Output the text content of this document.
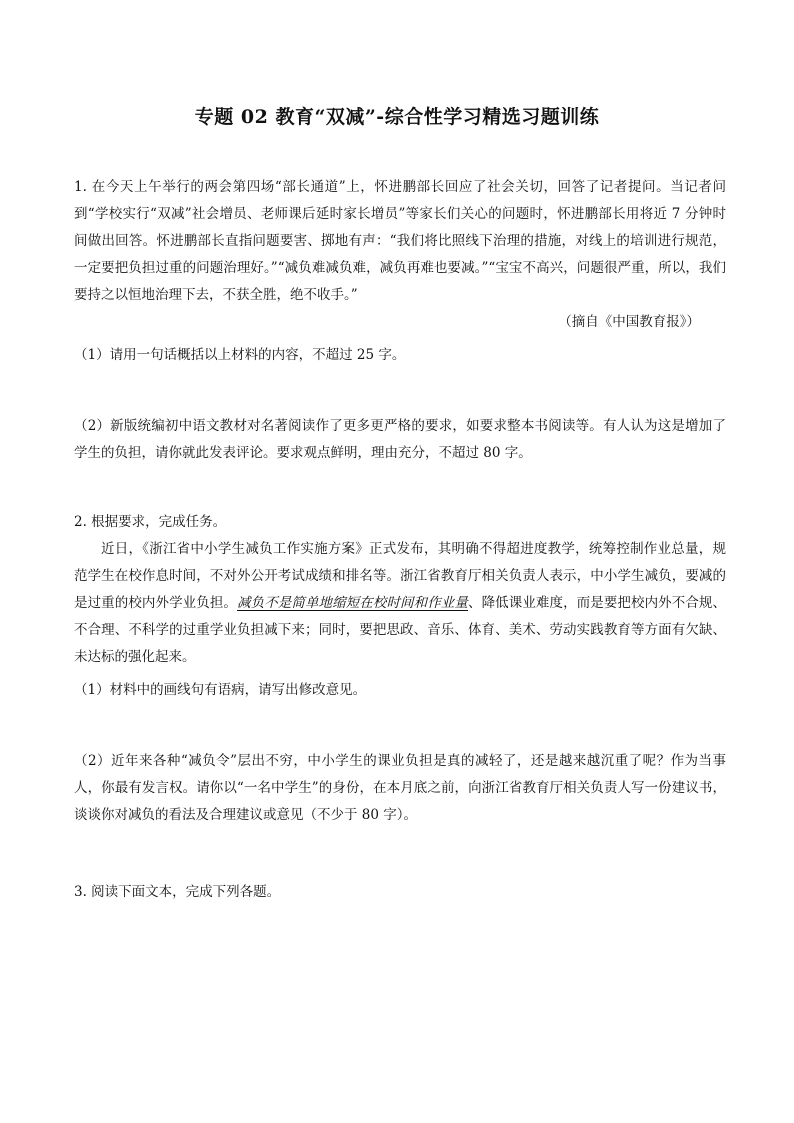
专题 02 教育“双减”-综合性学习精选习题训练

1. 在今天上午举行的两会第四场“部长通道”上，怀进鹏部长回应了社会关切，回答了记者提问。当记者问到“学校实行“双减”社会增员、老师课后延时家长增员”等家长们关心的问题时，怀进鹏部长用将近 7 分钟时间做出回答。怀进鹏部长直指问题要害、掷地有声：“我们将比照线下治理的措施，对线上的培训进行规范，一定要把负担过重的问题治理好。”“减负难减负难，减负再难也要减。”“宝宝不高兴，问题很严重，所以，我们要持之以恒地治理下去，不获全胜，绝不收手。”

（摘自《中国教育报》）

（1）请用一句话概括以上材料的内容，不超过 25 字。

（2）新版统编初中语文教材对名著阅读作了更多更严格的要求，如要求整本书阅读等。有人认为这是增加了学生的负担，请你就此发表评论。要求观点鲜明，理由充分，不超过 80 字。

2. 根据要求，完成任务。

近日，《浙江省中小学生减负工作实施方案》正式发布，其明确不得超进度教学，统筹控制作业总量，规范学生在校作息时间，不对外公开考试成绩和排名等。浙江省教育厅相关负责人表示，中小学生减负，要减的是过重的校内外学业负担。减负不是简单地缩短在校时间和作业量、降低课业难度，而是要把校内外不合规、不合理、不科学的过重学业负担减下来；同时，要把思政、音乐、体育、美术、劳动实践教育等方面有欠缺、未达标的强化起来。

（1）材料中的画线句有语病，请写出修改意见。

（2）近年来各种“减负令”层出不穷，中小学生的课业负担是真的减轻了，还是越来越沉重了呢？作为当事人，你最有发言权。请你以“一名中学生”的身份，在本月底之前，向浙江省教育厅相关负责人写一份建议书，谈谈你对减负的看法及合理建议或意见（不少于 80 字）。

3. 阅读下面文本，完成下列各题。
